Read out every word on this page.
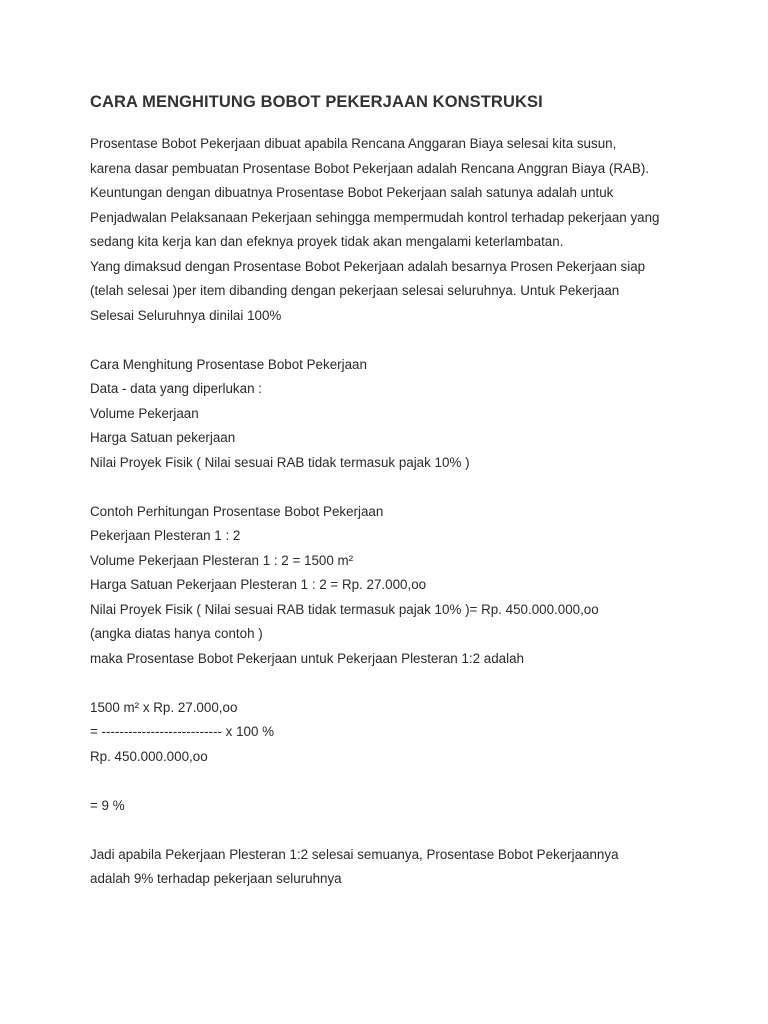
CARA MENGHITUNG BOBOT PEKERJAAN KONSTRUKSI
Prosentase Bobot Pekerjaan dibuat apabila Rencana Anggaran Biaya selesai kita susun,
karena dasar pembuatan Prosentase Bobot Pekerjaan adalah Rencana Anggran Biaya (RAB).
Keuntungan dengan dibuatnya Prosentase Bobot Pekerjaan salah satunya adalah untuk
Penjadwalan Pelaksanaan Pekerjaan sehingga mempermudah kontrol terhadap pekerjaan yang
sedang kita kerja kan dan efeknya proyek tidak akan mengalami keterlambatan.
Yang dimaksud dengan Prosentase Bobot Pekerjaan adalah besarnya Prosen Pekerjaan siap
(telah selesai )per item dibanding dengan pekerjaan selesai seluruhnya. Untuk Pekerjaan
Selesai Seluruhnya dinilai 100%
Cara Menghitung Prosentase Bobot Pekerjaan
Data - data yang diperlukan :
Volume Pekerjaan
Harga Satuan pekerjaan
Nilai Proyek Fisik ( Nilai sesuai RAB tidak termasuk pajak 10% )
Contoh Perhitungan Prosentase Bobot Pekerjaan
Pekerjaan Plesteran 1 : 2
Volume Pekerjaan Plesteran 1 : 2 = 1500 m²
Harga Satuan Pekerjaan Plesteran 1 : 2 = Rp. 27.000,oo
Nilai Proyek Fisik ( Nilai sesuai RAB tidak termasuk pajak 10% )= Rp. 450.000.000,oo
(angka diatas hanya contoh )
maka Prosentase Bobot Pekerjaan untuk Pekerjaan Plesteran 1:2 adalah
1500 m² x Rp. 27.000,oo
= --------------------------- x 100 %
Rp. 450.000.000,oo
= 9 %
Jadi apabila Pekerjaan Plesteran 1:2 selesai semuanya, Prosentase Bobot Pekerjaannya
adalah 9% terhadap pekerjaan seluruhnya
